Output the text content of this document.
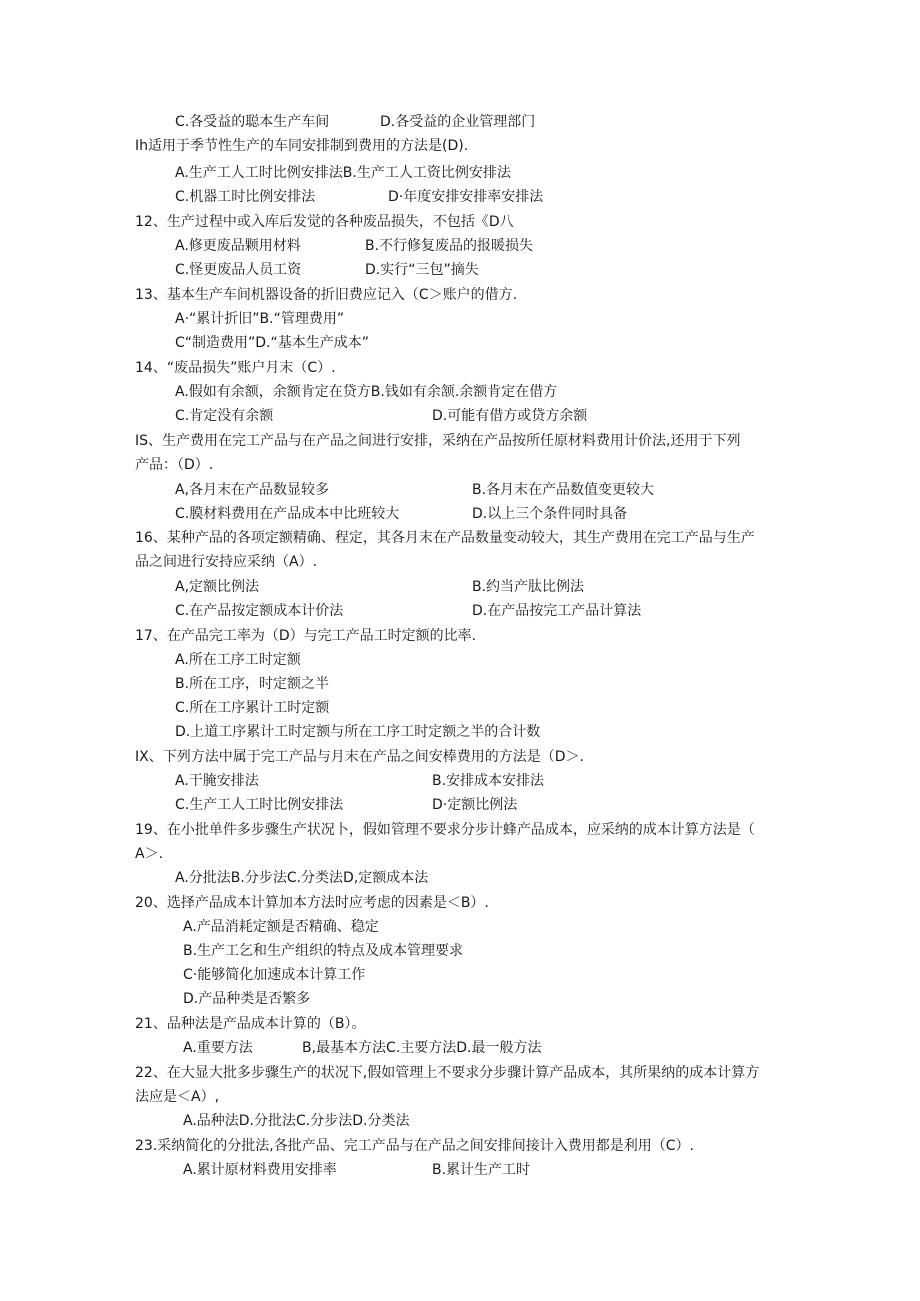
C.各受益的聪本生产车间	D.各受益的企业管理部门
Ih适用于季节性生产的车同安排制到费用的方法是(D).
A.生产工人工时比例安排法B.生产工人工资比例安排法
C.机器工时比例安排法	D·年度安排安排率安排法
12、生产过程中或入库后发觉的各种废品损失，不包括《D八
A.修更废品颗用材料	B.不行修复废品的报暖损失
C.怪更废品人员工资	D.实行“三包”摘失
13、基本生产车间机器设备的折旧费应记入（C＞账户的借方.
A·“累计折旧”B.“管理费用”
C“制造费用”D.“基本生产成本”
14、“废品损失”账户月末（C）.
A.假如有余额，余额肯定在贷方B.钱如有余颔.余额肯定在借方
C.肯定没有余额	D.可能有借方或贷方余额
IS、生产费用在完工产品与在产品之间进行安排，采纳在产品按所任原材料费用计价法,还用于下列
产品：（D）.
A,各月末在产品数显较多	B.各月末在产品数值变更较大
C.膜材料费用在产品成本中比班较大	D.以上三个条件同时具备
16、某种产品的各项定额精确、程定，其各月末在产品数量变动较大，其生产费用在完工产品与生产
品之间进行安持应采纳（A）.
A,定额比例法	B.约当产肽比例法
C.在产品按定额成本计价法	D.在产品按完工产品计算法
17、在产品完工率为（D）与完工产品工时定额的比率.
A.所在工序工时定额
B.所在工序，时定额之半
C.所在工序累计工时定额
D.上道工序累计工时定额与所在工序工时定额之半的合计数
IX、下列方法中属于完工产品与月末在产品之间安棒费用的方法是（D＞.
A.干腌安排法	B.安排成本安排法
C.生产工人工时比例安排法	D·定额比例法
19、在小批单件多步骤生产状况卜，假如管理不要求分步计蜂产品成本，应采纳的成本计算方法是（
A＞.
A.分批法B.分步法C.分类法D,定额成本法
20、选择产品成本计算加本方法时应考虑的因素是＜B）.
A.产品消耗定额是否精确、稳定
B.生产工乞和生产组织的特点及成本管理要求
C·能够简化加速成本计算工作
D.产品种类是否繁多
21、品种法是产品成本计算的（B）。
A.重要方法	B,最基本方法C.主要方法D.最一般方法
22、在大显大批多步骤生产的状况下,假如管理上不要求分步骤计算产品成本，其所果纳的成本计算方
法应是＜A）,
A.品种法D.分批法C.分步法D.分类法
23.采纳简化的分批法,各批产品、完工产品与在产品之间安排间接计入费用都是利用（C）.
A.累计原材料费用安排率	B.累计生产工时
